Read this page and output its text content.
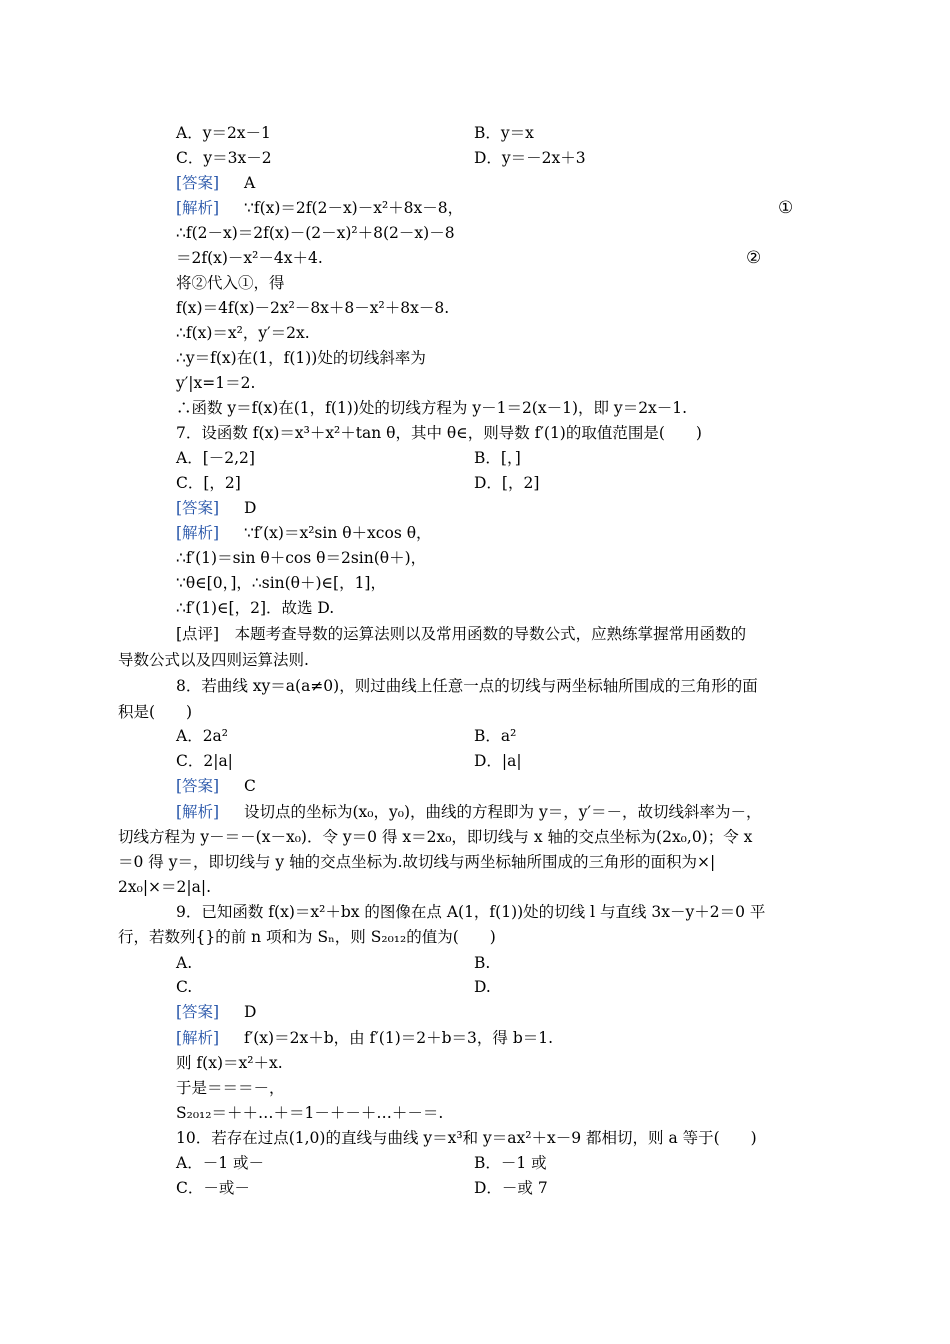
A．y＝2x－1	B．y＝x
C．y＝3x－2	D．y＝－2x＋3
[答案] A
[解析] ∵f(x)＝2f(2－x)－x²＋8x－8，	①
∴f(2－x)＝2f(x)－(2－x)²＋8(2－x)－8
＝2f(x)－x²－4x＋4.	②
将②代入①，得
f(x)＝4f(x)－2x²－8x＋8－x²＋8x－8.
∴f(x)＝x²，y′＝2x.
∴y＝f(x)在(1，f(1))处的切线斜率为
y′|x=1＝2.
∴函数 y＝f(x)在(1，f(1))处的切线方程为 y－1＝2(x－1)，即 y＝2x－1.
7．设函数 f(x)＝x³＋x²＋tan θ，其中 θ∈，则导数 f′(1)的取值范围是(　　)
A．[－2,2]	B．[，]
C．[，2]	D．[，2]
[答案] D
[解析] ∵f′(x)＝x²sin θ＋xcos θ，
∴f′(1)＝sin θ＋cos θ＝2sin(θ＋)，
∵θ∈[0，]，∴sin(θ＋)∈[，1]，
∴f′(1)∈[，2]．故选 D.
[点评]　本题考查导数的运算法则以及常用函数的导数公式，应熟练掌握常用函数的
导数公式以及四则运算法则.
8．若曲线 xy＝a(a≠0)，则过曲线上任意一点的切线与两坐标轴所围成的三角形的面
积是(　　)
A．2a²	B．a²
C．2|a|	D．|a|
[答案] C
[解析] 设切点的坐标为(x₀，y₀)，曲线的方程即为 y＝，y′＝－，故切线斜率为－，
切线方程为 y－＝－(x－x₀)．令 y＝0 得 x＝2x₀，即切线与 x 轴的交点坐标为(2x₀,0)；令 x
＝0 得 y＝，即切线与 y 轴的交点坐标为.故切线与两坐标轴所围成的三角形的面积为×|
2x₀|×＝2|a|.
9．已知函数 f(x)＝x²＋bx 的图像在点 A(1，f(1))处的切线 l 与直线 3x－y＋2＝0 平
行，若数列{}的前 n 项和为 Sₙ，则 S₂₀₁₂的值为(　　)
A.	B.
C.	D.
[答案] D
[解析] f′(x)＝2x＋b，由 f′(1)＝2＋b＝3，得 b＝1.
则 f(x)＝x²＋x.
于是＝＝＝－，
S₂₀₁₂＝＋＋…＋＝1－＋－＋…＋－＝.
10．若存在过点(1,0)的直线与曲线 y＝x³和 y＝ax²＋x－9 都相切，则 a 等于(　　)
A．－1 或－	B．－1 或
C．－或－	D．－或 7
